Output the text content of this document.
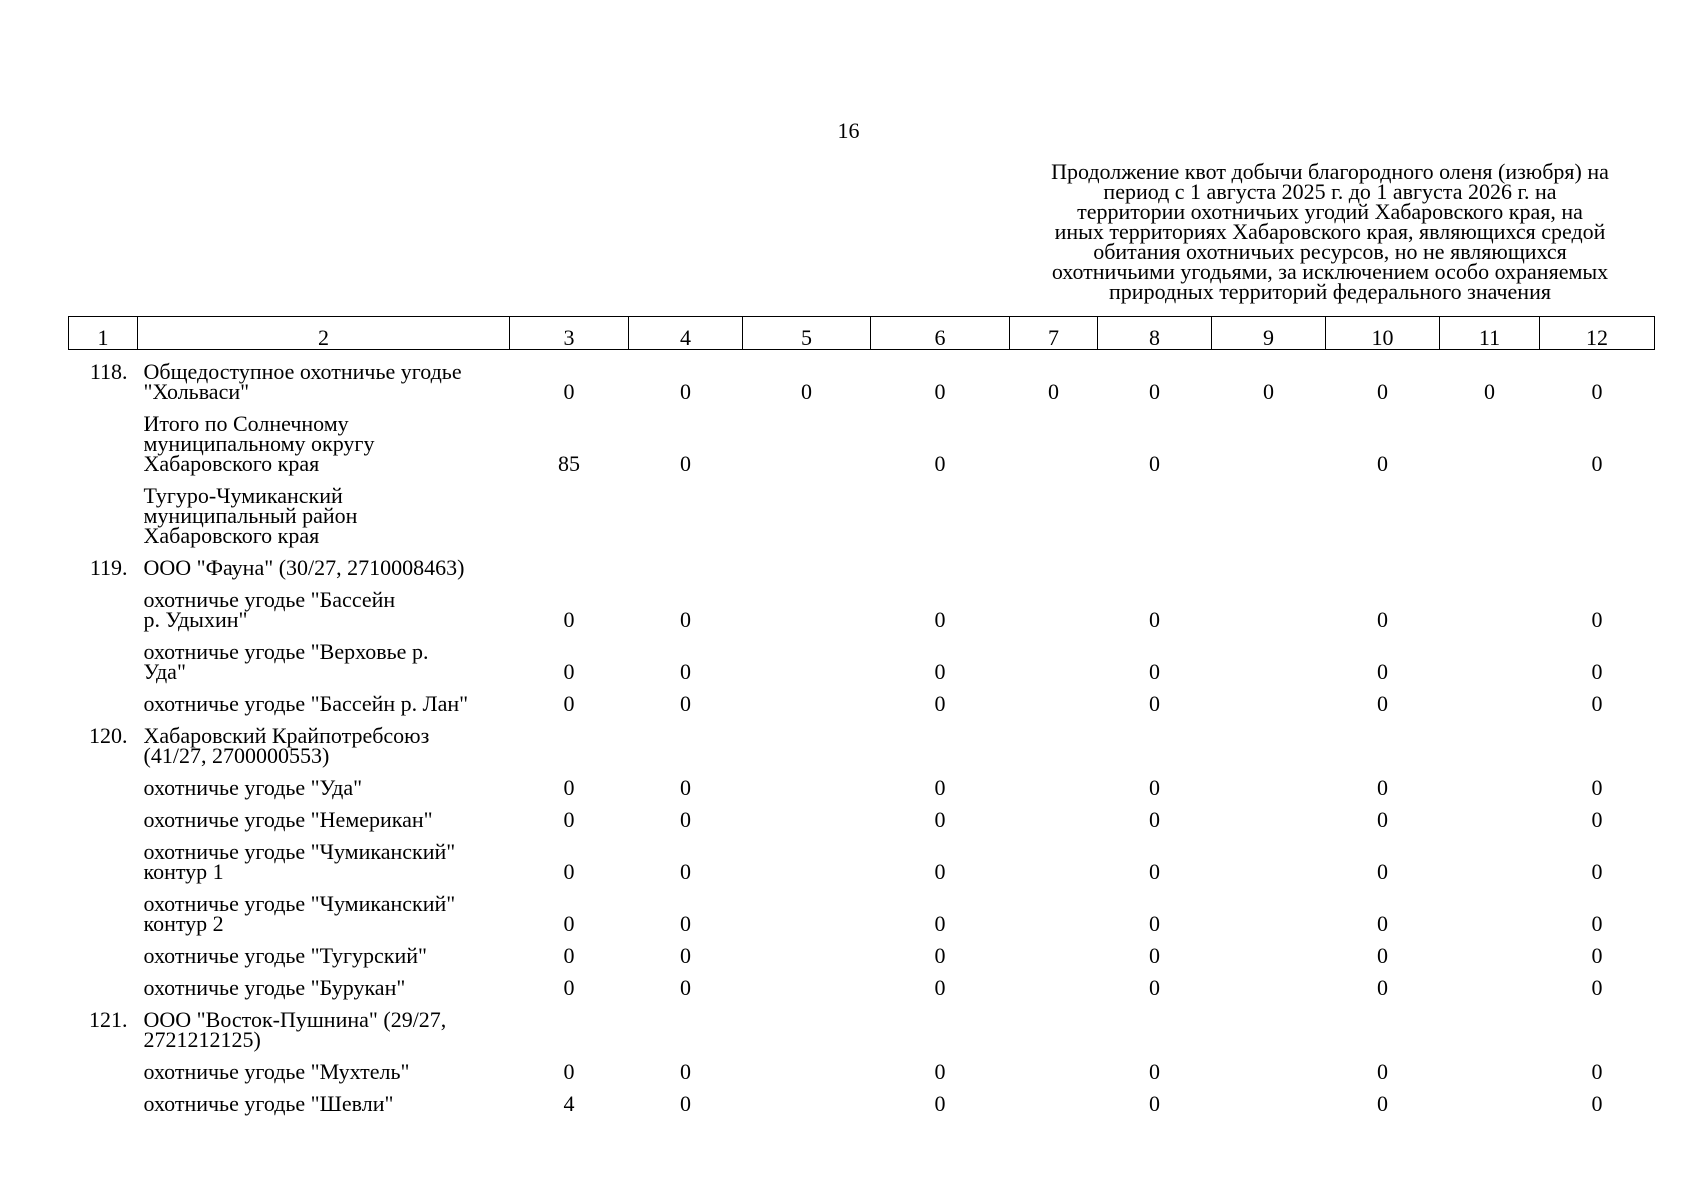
16
Продолжение квот добычи благородного оленя (изюбря) на
период с 1 августа 2025 г. до 1 августа 2026 г. на
территории охотничьих угодий Хабаровского края, на
иных территориях Хабаровского края, являющихся средой
обитания охотничьих ресурсов, но не являющихся
охотничьими угодьями, за исключением особо охраняемых
природных территорий федерального значения
1	2	3	4	5	6	7	8	9	10	11	12
118.	Общедоступное охотничье угодье
"Хольваси"	0	0	0	0	0	0	0	0	0	0

	Итого по Солнечному
муниципальному округу
Хабаровского края	85	0		0		0		0		0

	Тугуро-Чумиканский
муниципальный район
Хабаровского края										

119.	ООО "Фауна" (30/27, 2710008463)										

	охотничье угодье "Бассейн
р. Удыхин"	0	0		0		0		0		0

	охотничье угодье "Верховье р.
Уда"	0	0		0		0		0		0

	охотничье угодье "Бассейн р. Лан"	0	0		0		0		0		0
120.	Хабаровский Крайпотребсоюз
(41/27, 2700000553)										

	охотничье угодье "Уда"	0	0		0		0		0		0

	охотничье угодье "Немерикан"	0	0		0		0		0		0

	охотничье угодье "Чумиканский"
контур 1	0	0		0		0		0		0

	охотничье угодье "Чумиканский"
контур 2	0	0		0		0		0		0

	охотничье угодье "Тугурский"	0	0		0		0		0		0

	охотничье угодье "Бурукан"	0	0		0		0		0		0
121.	ООО "Восток-Пушнина" (29/27,
2721212125)										

	охотничье угодье "Мухтель"	0	0		0		0		0		0

	охотничье угодье "Шевли"	4	0		0		0		0		0
